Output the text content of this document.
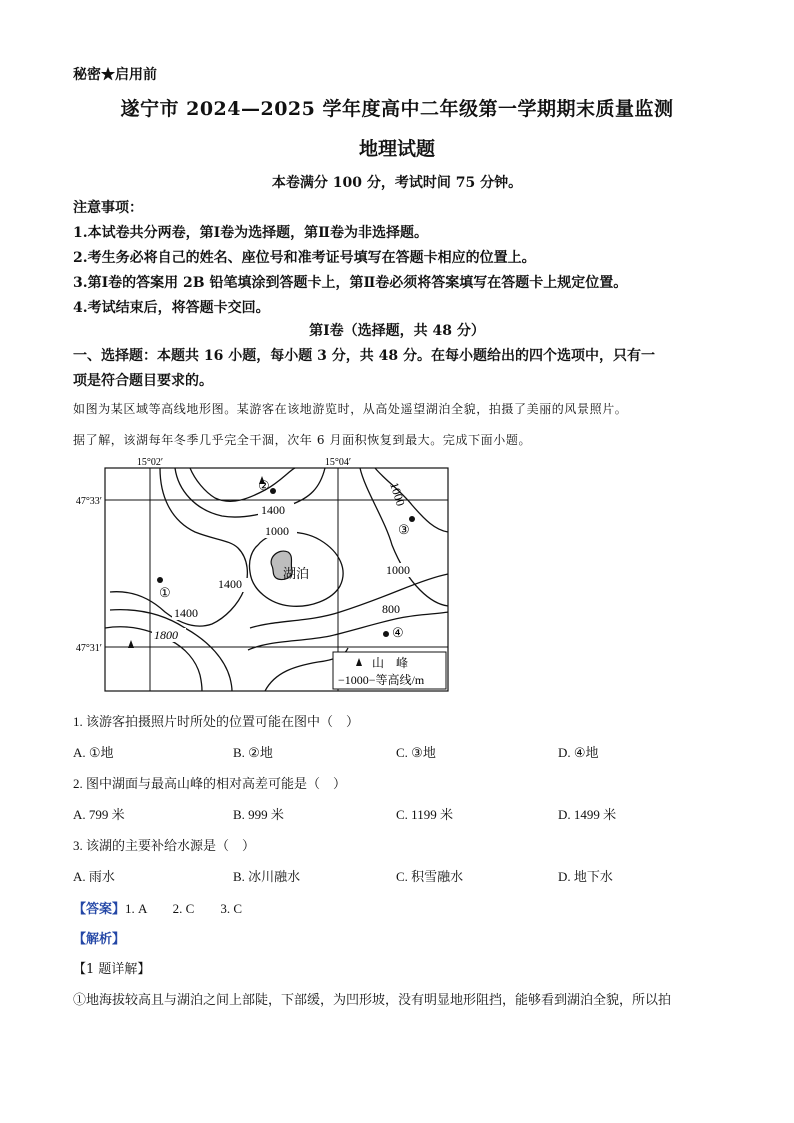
秘密★启用前
遂宁市 2024—2025 学年度高中二年级第一学期期末质量监测
地理试题
本卷满分 100 分，考试时间 75 分钟。
注意事项：
1.本试卷共分两卷，第Ⅰ卷为选择题，第Ⅱ卷为非选择题。
2.考生务必将自己的姓名、座位号和准考证号填写在答题卡相应的位置上。
3.第Ⅰ卷的答案用 2B 铅笔填涂到答题卡上，第Ⅱ卷必须将答案填写在答题卡上规定位置。
4.考试结束后，将答题卡交回。
第Ⅰ卷（选择题，共 48 分）
一、选择题：本题共 16 小题，每小题 3 分，共 48 分。在每小题给出的四个选项中，只有一
项是符合题目要求的。
如图为某区域等高线地形图。某游客在该地游览时，从高处遥望湖泊全貌，拍摄了美丽的风景照片。
据了解，该湖每年冬季几乎完全干涸，次年 6 月面积恢复到最大。完成下面小题。
15°02′	15°04′
47°33′
47°31′
湖泊
1400
1000
1400
1000
1400
1800
800
1000
②
③
①
④
山　峰
−1000−等高线/m
1. 该游客拍摄照片时所处的位置可能在图中（　）
A. ①地	B. ②地	C. ③地	D. ④地
2. 图中湖面与最高山峰的相对高差可能是（　）
A. 799 米	B. 999 米	C. 1199 米	D. 1499 米
3. 该湖的主要补给水源是（　）
A. 雨水	B. 冰川融水	C. 积雪融水	D. 地下水
【答案】1. A　　2. C　　3. C
【解析】
【1 题详解】
①地海拔较高且与湖泊之间上部陡，下部缓，为凹形坡，没有明显地形阻挡，能够看到湖泊全貌，所以拍
